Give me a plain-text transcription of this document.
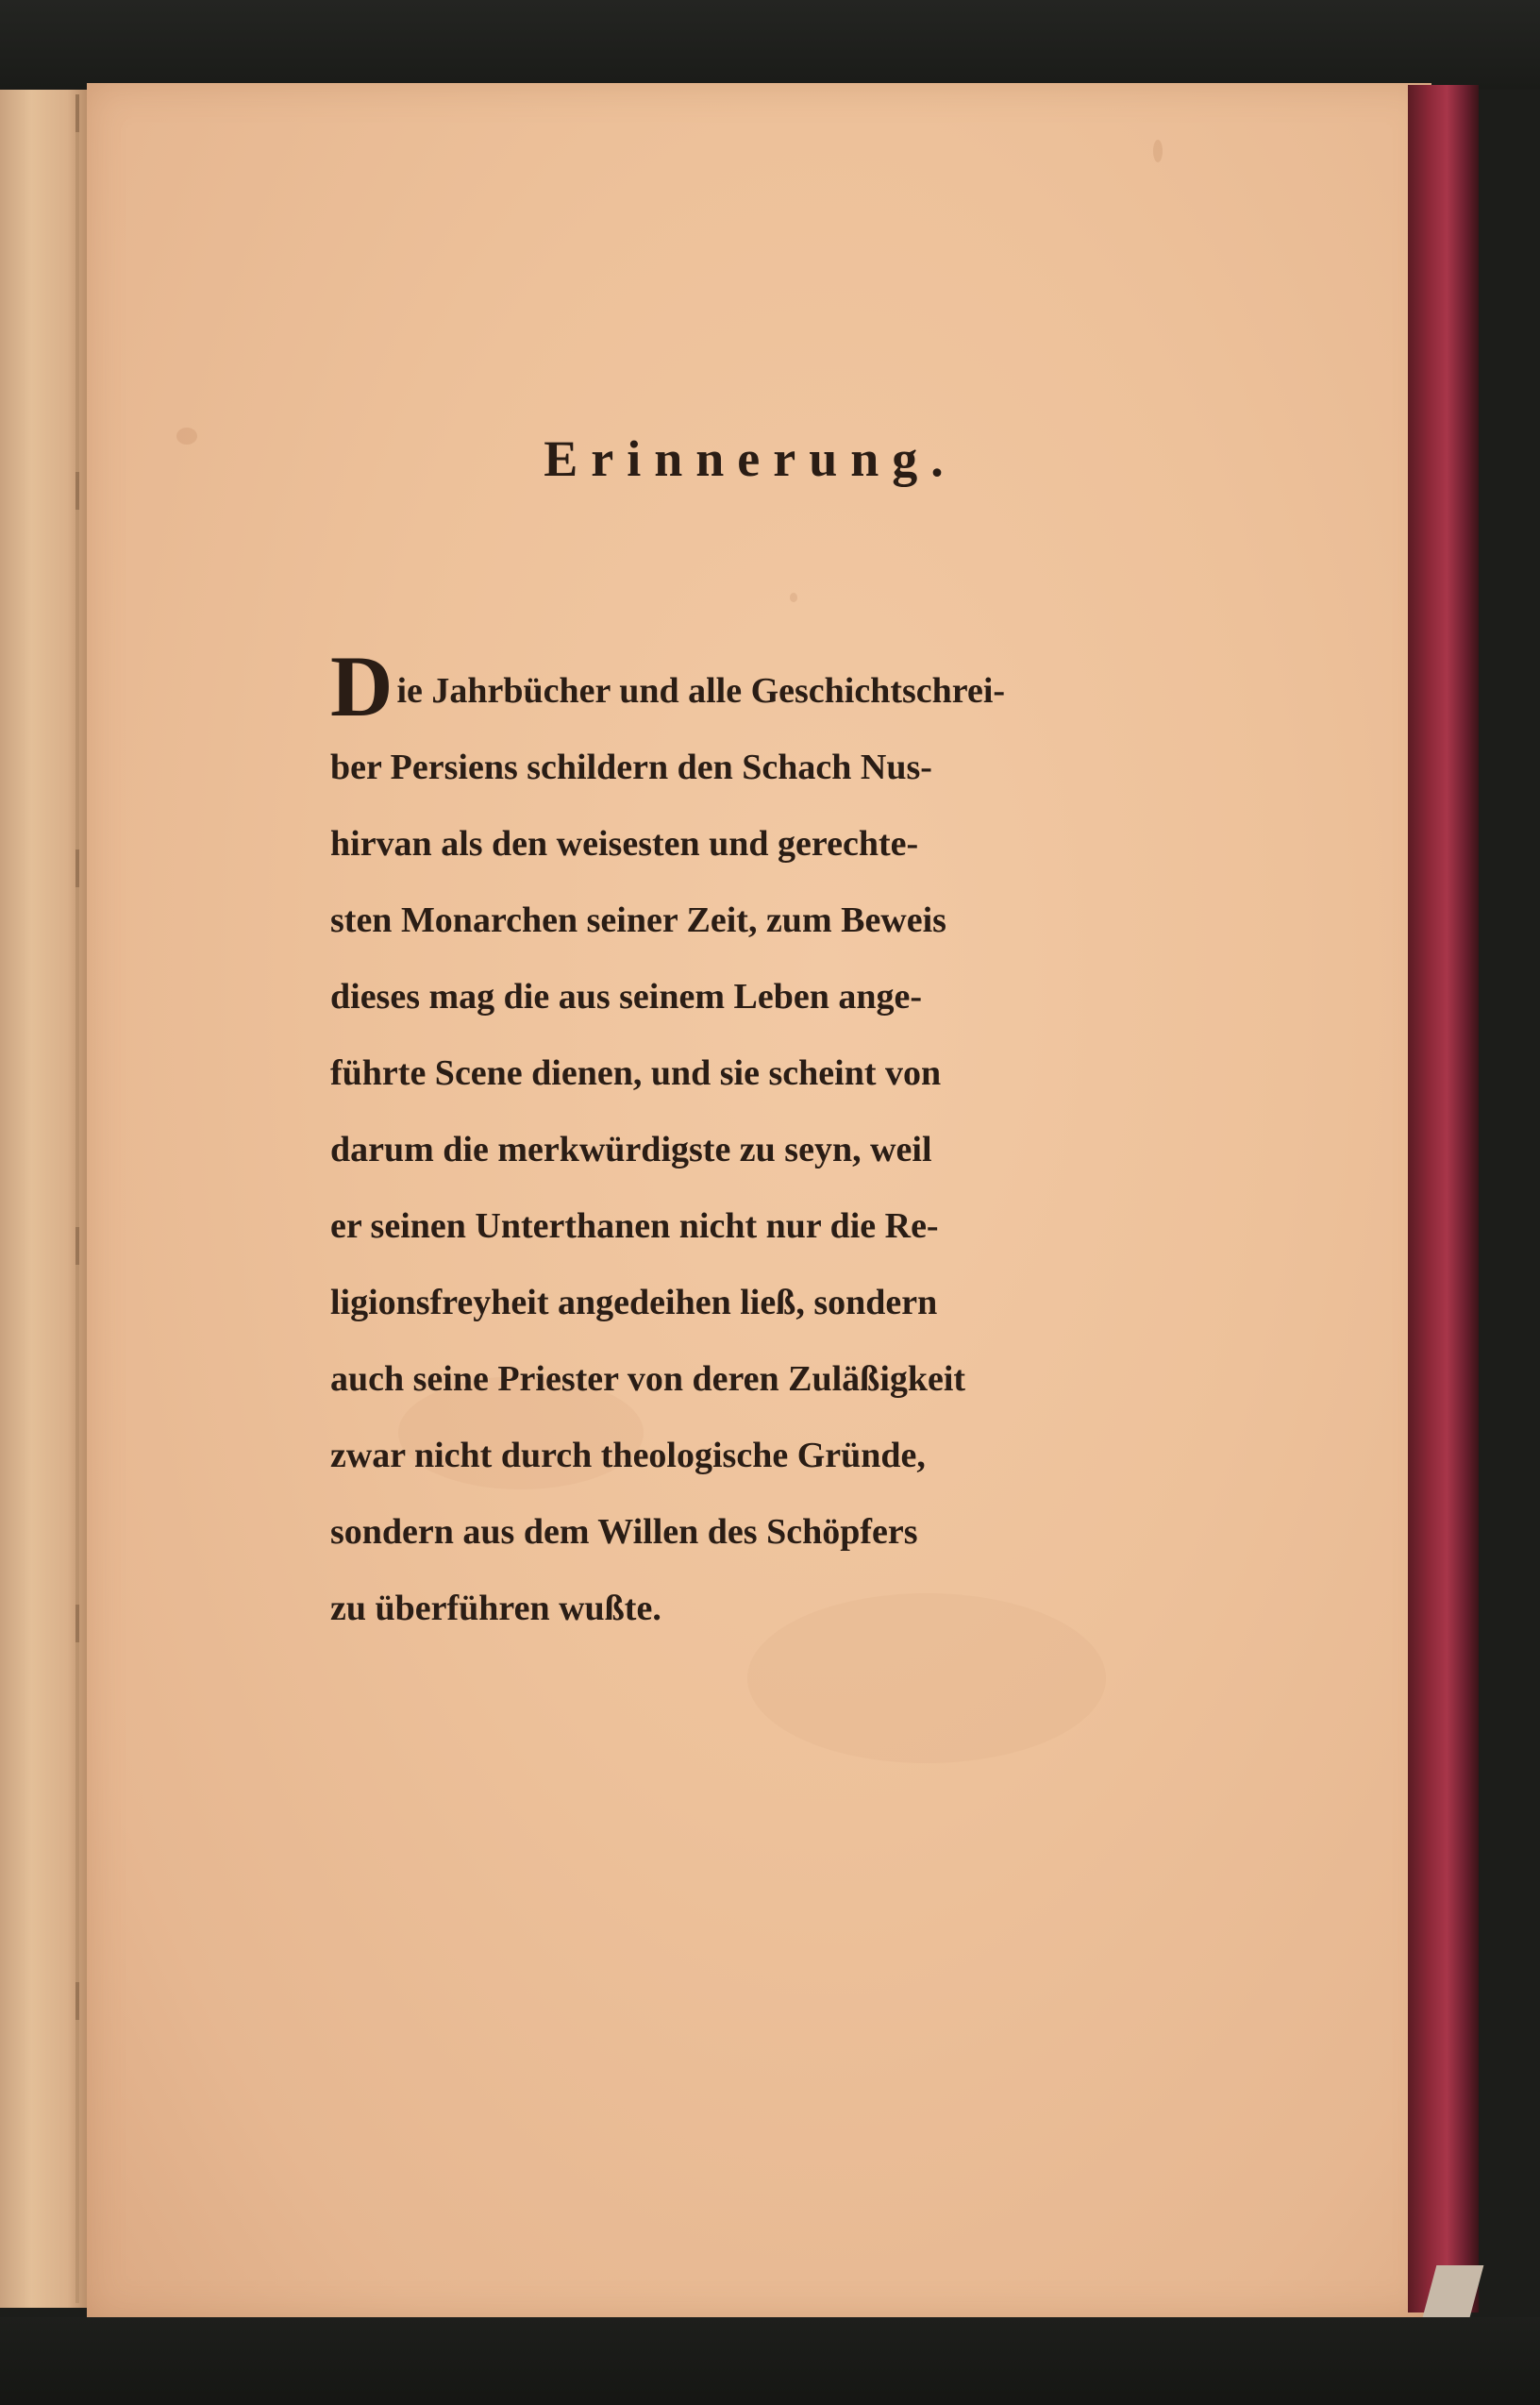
Erinnerung.
Die Jahrbücher und alle Geschichtschrei-
ber Persiens schildern den Schach Nus-
hirvan als den weisesten und gerechte-
sten Monarchen seiner Zeit, zum Beweis
dieses mag die aus seinem Leben ange-
führte Scene dienen, und sie scheint von
darum die merkwürdigste zu seyn, weil
er seinen Unterthanen nicht nur die Re-
ligionsfreyheit angedeihen ließ, sondern
auch seine Priester von deren Zuläßigkeit
zwar nicht durch theologische Gründe,
sondern aus dem Willen des Schöpfers
zu überführen wußte.
